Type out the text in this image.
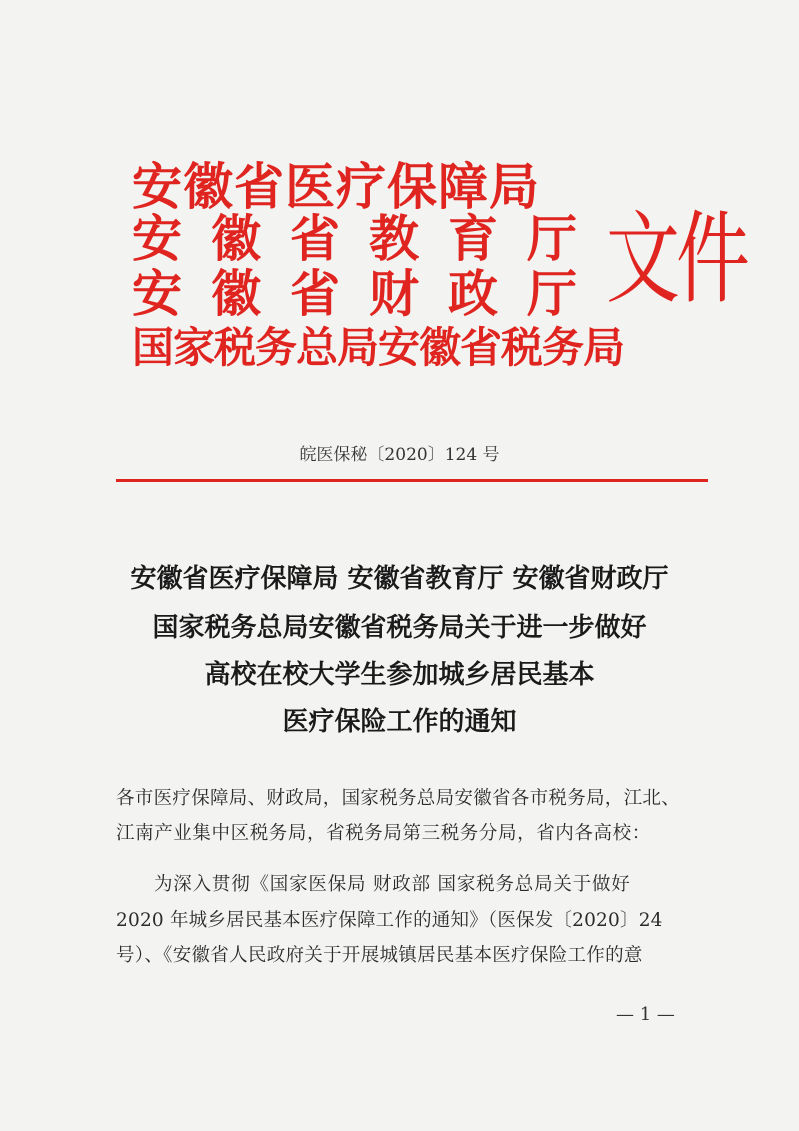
安徽省医疗保障局
安徽省教育厅
安徽省财政厅
国家税务总局安徽省税务局
文件
皖医保秘〔2020〕124 号
安徽省医疗保障局 安徽省教育厅 安徽省财政厅
国家税务总局安徽省税务局关于进一步做好
高校在校大学生参加城乡居民基本
医疗保险工作的通知
各市医疗保障局、财政局，国家税务总局安徽省各市税务局，江北、
江南产业集中区税务局，省税务局第三税务分局，省内各高校：
为深入贯彻《国家医保局 财政部 国家税务总局关于做好
2020 年城乡居民基本医疗保障工作的通知》（医保发〔2020〕24
号）、《安徽省人民政府关于开展城镇居民基本医疗保险工作的意
— 1 —
